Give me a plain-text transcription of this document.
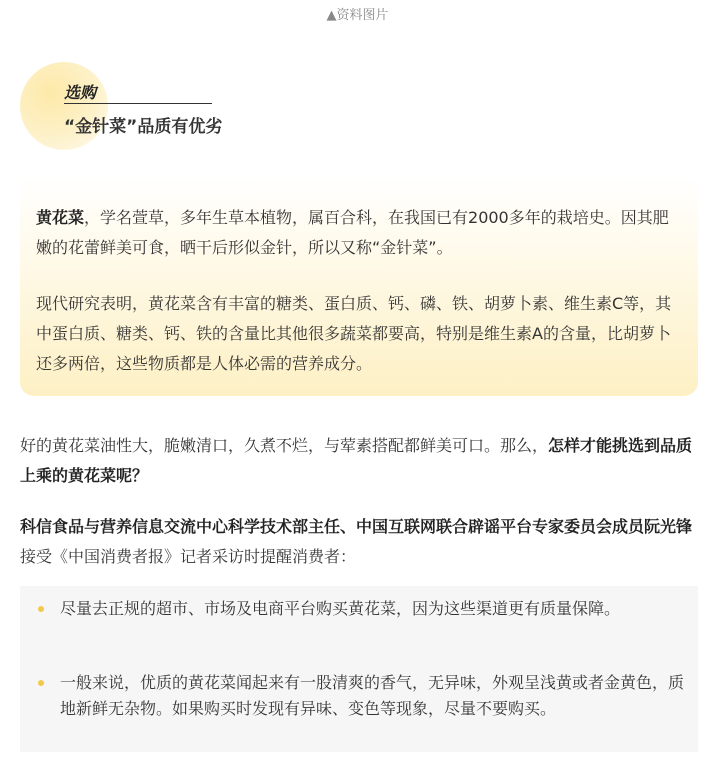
▲资料图片
选购
“金针菜”品质有优劣

黄花菜，学名萱草，多年生草本植物，属百合科，在我国已有2000多年的栽培史。因其肥嫩的花蕾鲜美可食，晒干后形似金针，所以又称“金针菜”。

现代研究表明，黄花菜含有丰富的糖类、蛋白质、钙、磷、铁、胡萝卜素、维生素C等，其中蛋白质、糖类、钙、铁的含量比其他很多蔬菜都要高，特别是维生素A的含量，比胡萝卜还多两倍，这些物质都是人体必需的营养成分。

好的黄花菜油性大，脆嫩清口，久煮不烂，与荤素搭配都鲜美可口。那么，怎样才能挑选到品质上乘的黄花菜呢？

科信食品与营养信息交流中心科学技术部主任、中国互联网联合辟谣平台专家委员会成员阮光锋接受《中国消费者报》记者采访时提醒消费者：

尽量去正规的超市、市场及电商平台购买黄花菜，因为这些渠道更有质量保障。
一般来说，优质的黄花菜闻起来有一股清爽的香气，无异味，外观呈浅黄或者金黄色，质地新鲜无杂物。如果购买时发现有异味、变色等现象，尽量不要购买。
